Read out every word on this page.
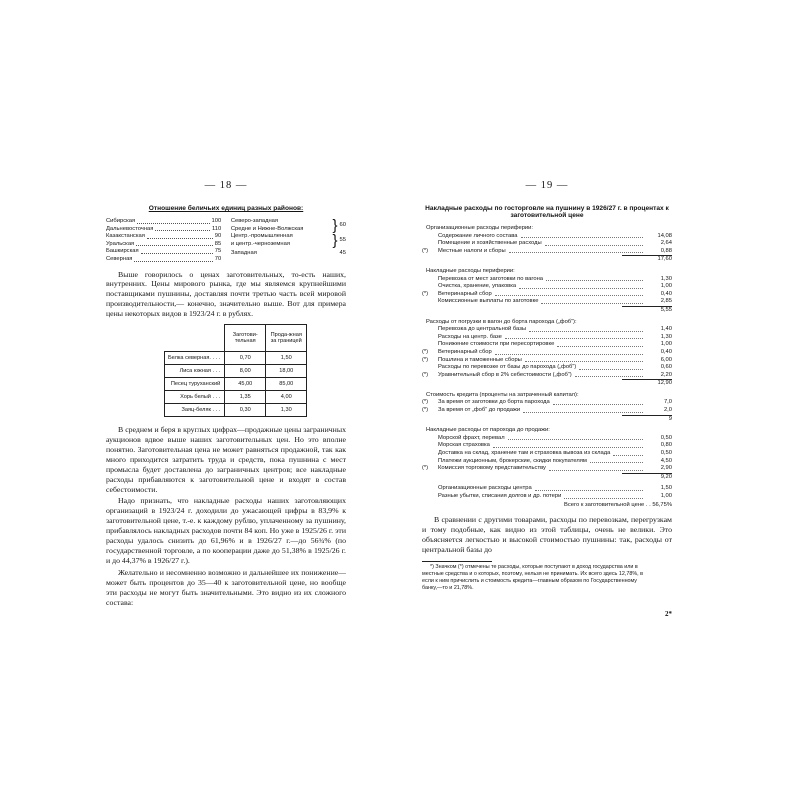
— 18 —
Отношение беличьих единиц разных районов:
Сибирская	100
Дальневосточная	110
Казакстанская	90
Уральская	85
Башкирская	75
Северная	70
Северо-западная
Средне и Нижне-Волжская	} 60
Центр.-промышленная
и центр.-черноземная	} 55
Западная	45

Выше говорилось о ценах заготовительных, то-есть наших, внутренних. Цены мирового рынка, где мы являемся крупнейшими поставщиками пушнины, доставляя почти третью часть всей мировой производительности,— конечно, значительно выше. Вот для примера цены некоторых видов в 1923/24 г. в рублях.

	Заготови-тельная	Прода-жная за границей
Белка северная. . . .	0,70	1,50
Лиса южная . . .	8,00	18,00
Песец туруханский	45,00	85,00
Хорь белый . . .	1,35	4,00
Заяц-беляк . . .	0,30	1,30

В среднем и беря в круглых цифрах—продажные цены заграничных аукционов вдвое выше наших заготовительных цен. Но это вполне понятно. Заготовительная цена не может равняться продажной, так как много приходится затратить труда и средств, пока пушнина с мест промысла будет доставлена до заграничных центров; все накладные расходы прибавляются к заготовительной цене и входят в состав себестоимости.

Надо признать, что накладные расходы наших заготовляющих организаций в 1923/24 г. доходили до ужасающей цифры в 83,9% к заготовительной цене, т.-е. к каждому рублю, уплаченному за пушнину, прибавлялось накладных расходов почти 84 коп. Но уже в 1925/26 г. эти расходы удалось снизить до 61,96% и в 1926/27 г.—до 56¾% (по государственной торговле, а по кооперации даже до 51,38% в 1925/26 г. и до 44,37% в 1926/27 г.).

Желательно и несомненно возможно и дальнейшее их понижение—может быть процентов до 35—40 к заготовительной цене, но вообще эти расходы не могут быть значительными. Это видно из их сложного состава:

— 19 —
Накладные расходы по госторговле на пушнину в 1926/27 г. в процентах к заготовительной цене
Организационные расходы периферии:
Содержание личного состава	14,08
Помещение и хозяйственные расходы	2,64
(*)	Местные налоги и сборы	0,88
17,60
Накладные расходы периферии:
Перевозка от мест заготовки по вагона	1,30
Очистка, хранение, упаковка	1,00
(*)	Ветеринарный сбор	0,40
Комиссионные выплаты по заготовке	2,85
5,55
Расходы от погрузки в вагон до борта парохода („фоб“):
Перевозка до центральной базы	1,40
Расходы на центр. базе	1,30
Понижение стоимости при пересортировке	1,00
(*)	Ветеринарный сбор	0,40
(*)	Пошлина и таможенные сборы	6,00
Расходы по перевозке от базы до парохода („фоб“)	0,60
(*)	Уравнительный сбор в 2% себестоимости („фоб“)	2,20
12,90
Стоимость кредита (проценты на затраченный капитал):
(*)	За время от заготовки до борта парохода	7,0
(*)	За время от „фоб“ до продажи	2,0
9
Накладные расходы от парохода до продажи:
Морской фрахт, перевал	0,50
Морская страховка	0,80
Доставка на склад, хранение там и страховка вывоза из склада	0,50
Платежи аукционным, брокерские, скидки покупателям	4,50
(*)	Комиссия торговому представительству	2,90
9,20
Организационные расходы центра	1,50
Разные убытки, списания долгов и др. потери	1,00
Всего к заготовительной цене . . 56,75%

В сравнении с другими товарами, расходы по перевозкам, перегрузкам и тому подобные, как видно из этой таблицы, очень не велики. Это объясняется легкостью и высокой стоимостью пушнины: так, расходы от центральной базы до

*) Значком (*) отмечены те расходы, которые поступают в доход государства или в местные средства и о которых, поэтому, нельзя не принимать. Их всего здесь 12,78%, в если к ним причислить и стоимость кредита—главным образом по Государственному банку,—то и 21,78%.

2*
